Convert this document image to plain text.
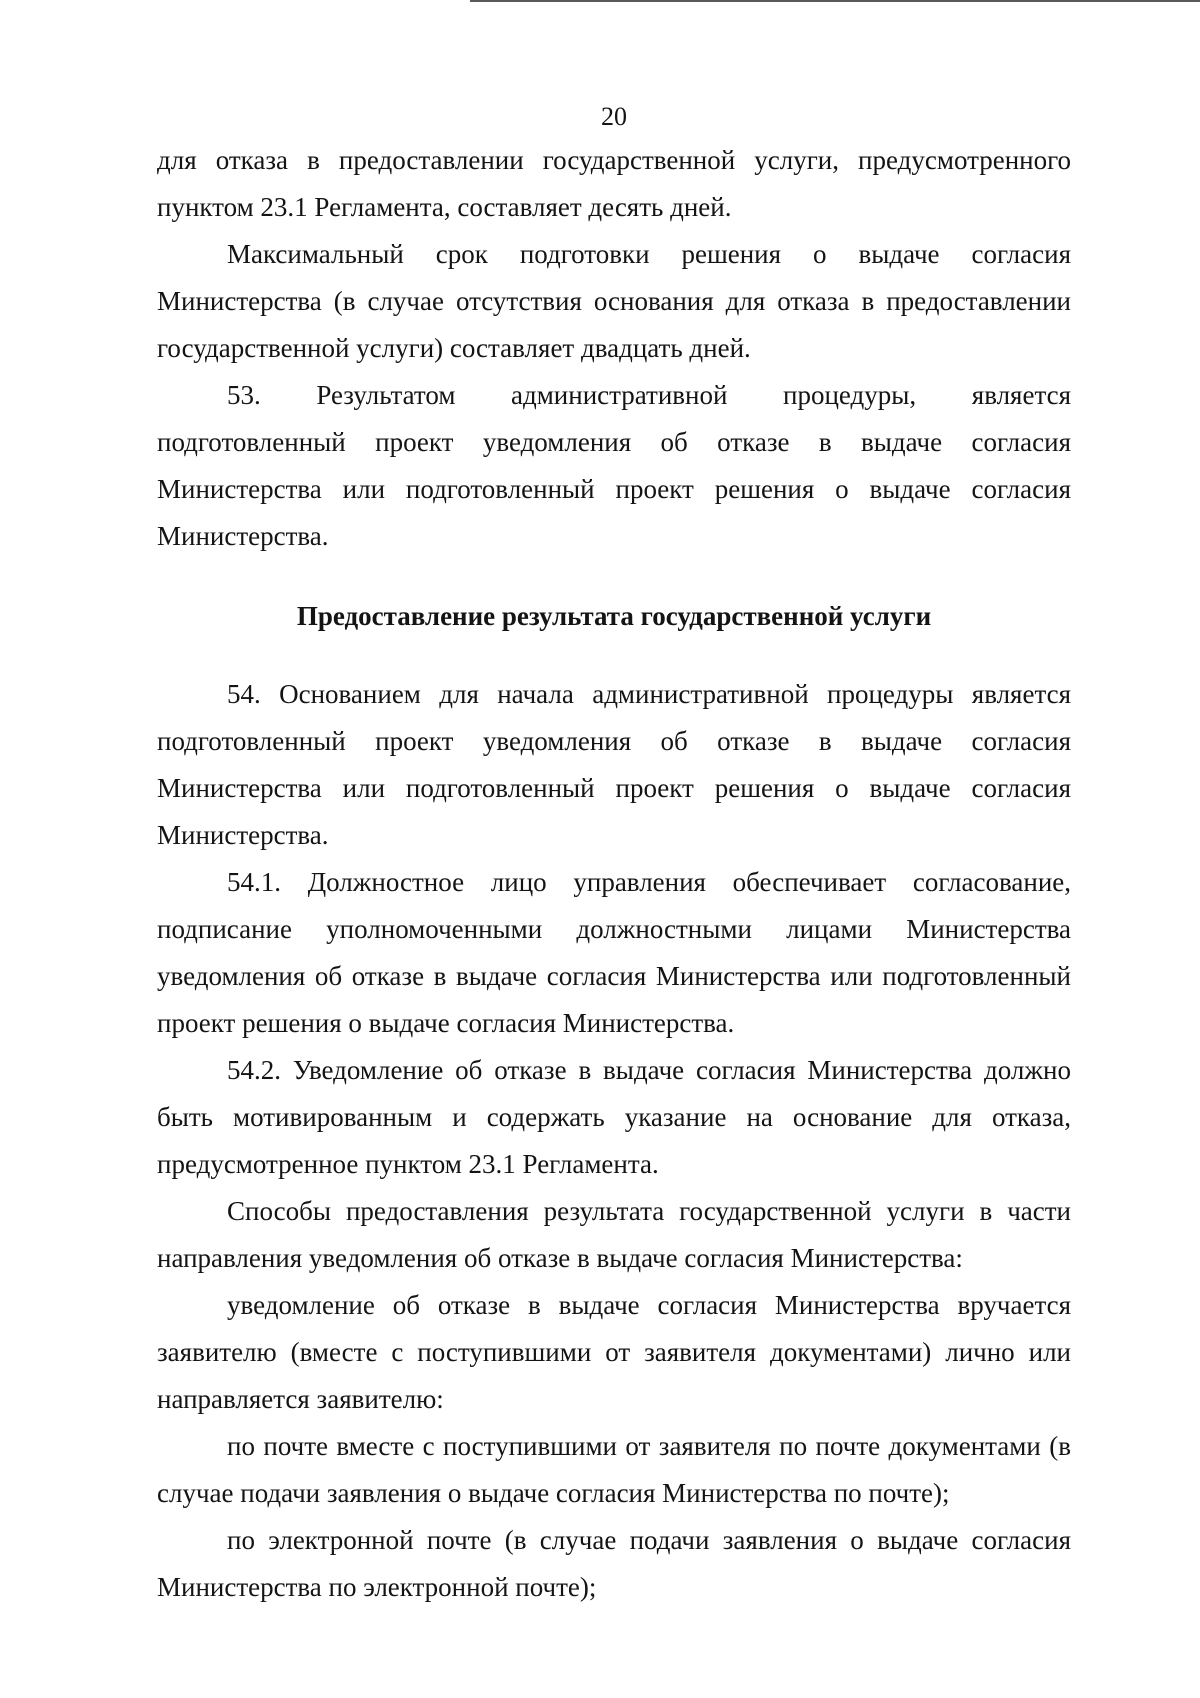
20

для отказа в предоставлении государственной услуги, предусмотренного пунктом 23.1 Регламента, составляет десять дней.

Максимальный срок подготовки решения о выдаче согласия Министерства (в случае отсутствия основания для отказа в предоставлении государственной услуги) составляет двадцать дней.

53. Результатом административной процедуры, является подготовленный проект уведомления об отказе в выдаче согласия Министерства или подготовленный проект решения о выдаче согласия Министерства.

Предоставление результата государственной услуги

54. Основанием для начала административной процедуры является подготовленный проект уведомления об отказе в выдаче согласия Министерства или подготовленный проект решения о выдаче согласия Министерства.

54.1. Должностное лицо управления обеспечивает согласование, подписание уполномоченными должностными лицами Министерства уведомления об отказе в выдаче согласия Министерства или подготовленный проект решения о выдаче согласия Министерства.

54.2. Уведомление об отказе в выдаче согласия Министерства должно быть мотивированным и содержать указание на основание для отказа, предусмотренное пунктом 23.1 Регламента.

Способы предоставления результата государственной услуги в части направления уведомления об отказе в выдаче согласия Министерства:

уведомление об отказе в выдаче согласия Министерства вручается заявителю (вместе с поступившими от заявителя документами) лично или направляется заявителю:

по почте вместе с поступившими от заявителя по почте документами (в случае подачи заявления о выдаче согласия Министерства по почте);

по электронной почте (в случае подачи заявления о выдаче согласия Министерства по электронной почте);
